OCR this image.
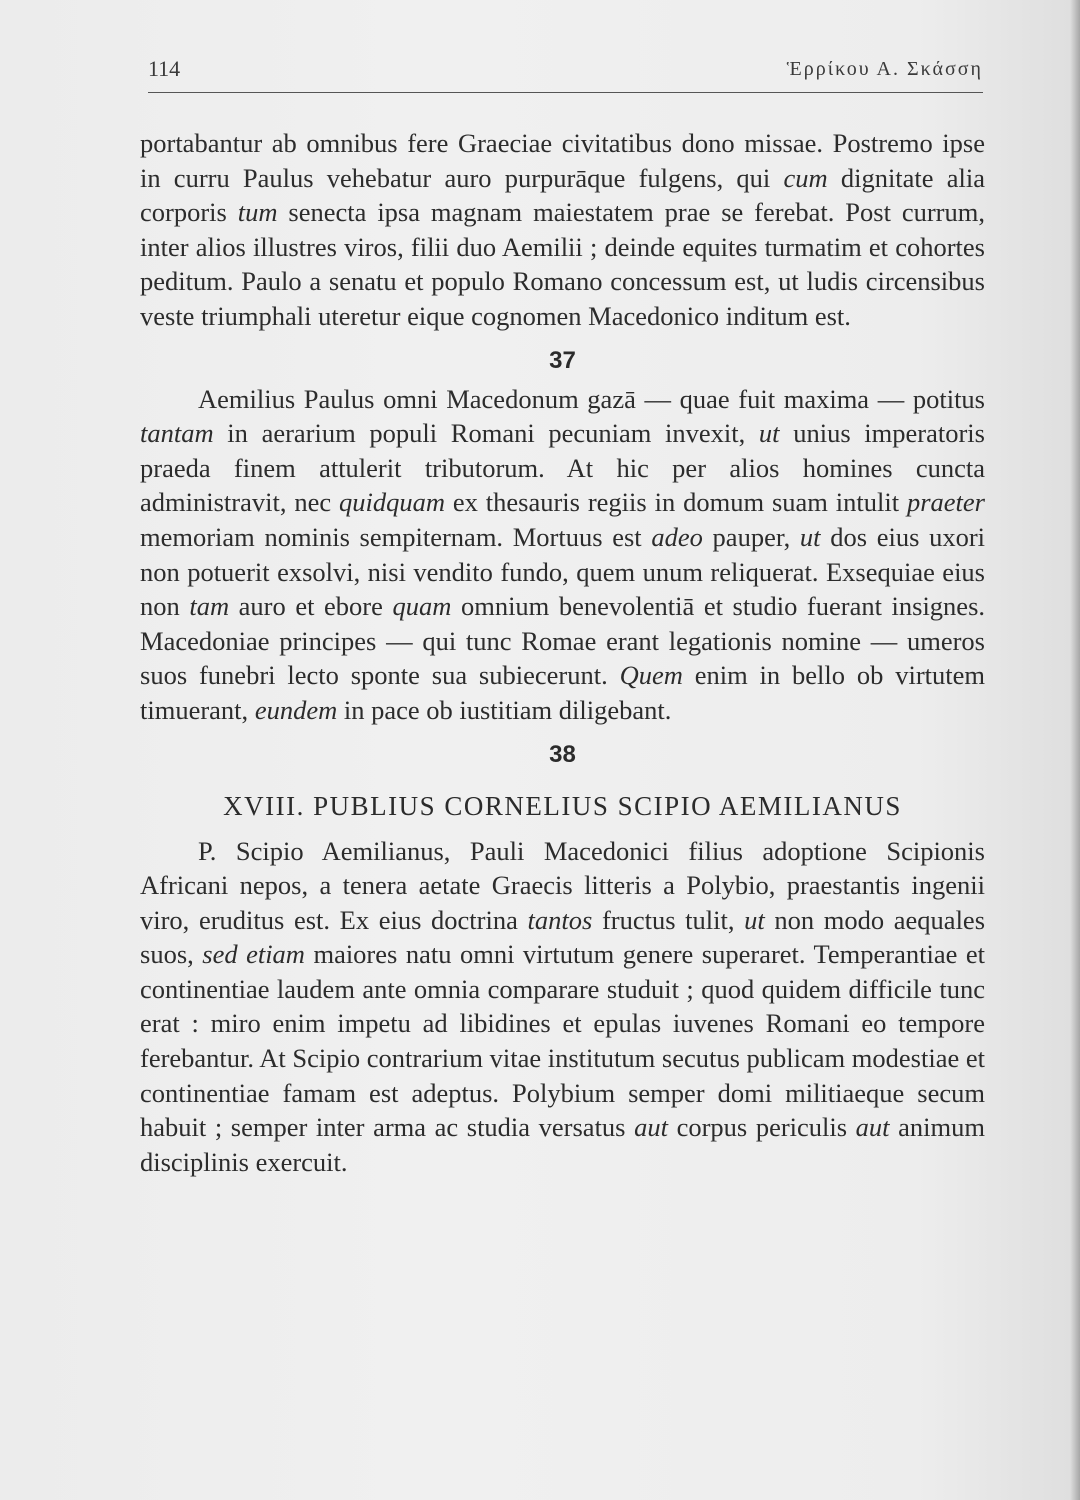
114	Ἑρρίκου Α. Σκάσση

portabantur ab omnibus fere Graeciae civitatibus dono missae. Postremo ipse in curru Paulus vehebatur auro purpurāque fulgens, qui cum dignitate alia corporis tum senecta ipsa magnam maiestatem prae se ferebat. Post currum, inter alios illustres viros, filii duo Aemilii ; deinde equites turmatim et cohortes peditum. Paulo a senatu et populo Romano concessum est, ut ludis circensibus veste triumphali uteretur eique cognomen Macedonico inditum est.

37

Aemilius Paulus omni Macedonum gazā — quae fuit maxima — potitus tantam in aerarium populi Romani pecuniam invexit, ut unius imperatoris praeda finem attulerit tributorum. At hic per alios homines cuncta administravit, nec quidquam ex thesauris regiis in domum suam intulit praeter memoriam nominis sempiternam. Mortuus est adeo pauper, ut dos eius uxori non potuerit exsolvi, nisi vendito fundo, quem unum reliquerat. Exsequiae eius non tam auro et ebore quam omnium benevolentiā et studio fuerant insignes. Macedoniae principes — qui tunc Romae erant legationis nomine — umeros suos funebri lecto sponte sua subiecerunt. Quem enim in bello ob virtutem timuerant, eundem in pace ob iustitiam diligebant.

38
XVIII. PUBLIUS CORNELIUS SCIPIO AEMILIANUS

P. Scipio Aemilianus, Pauli Macedonici filius adoptione Scipionis Africani nepos, a tenera aetate Graecis litteris a Polybio, praestantis ingenii viro, eruditus est. Ex eius doctrina tantos fructus tulit, ut non modo aequales suos, sed etiam maiores natu omni virtutum genere superaret. Temperantiae et continentiae laudem ante omnia comparare studuit ; quod quidem difficile tunc erat : miro enim impetu ad libidines et epulas iuvenes Romani eo tempore ferebantur. At Scipio contrarium vitae institutum secutus publicam modestiae et continentiae famam est adeptus. Polybium semper domi militiaeque secum habuit ; semper inter arma ac studia versatus aut corpus periculis aut animum disciplinis exercuit.
